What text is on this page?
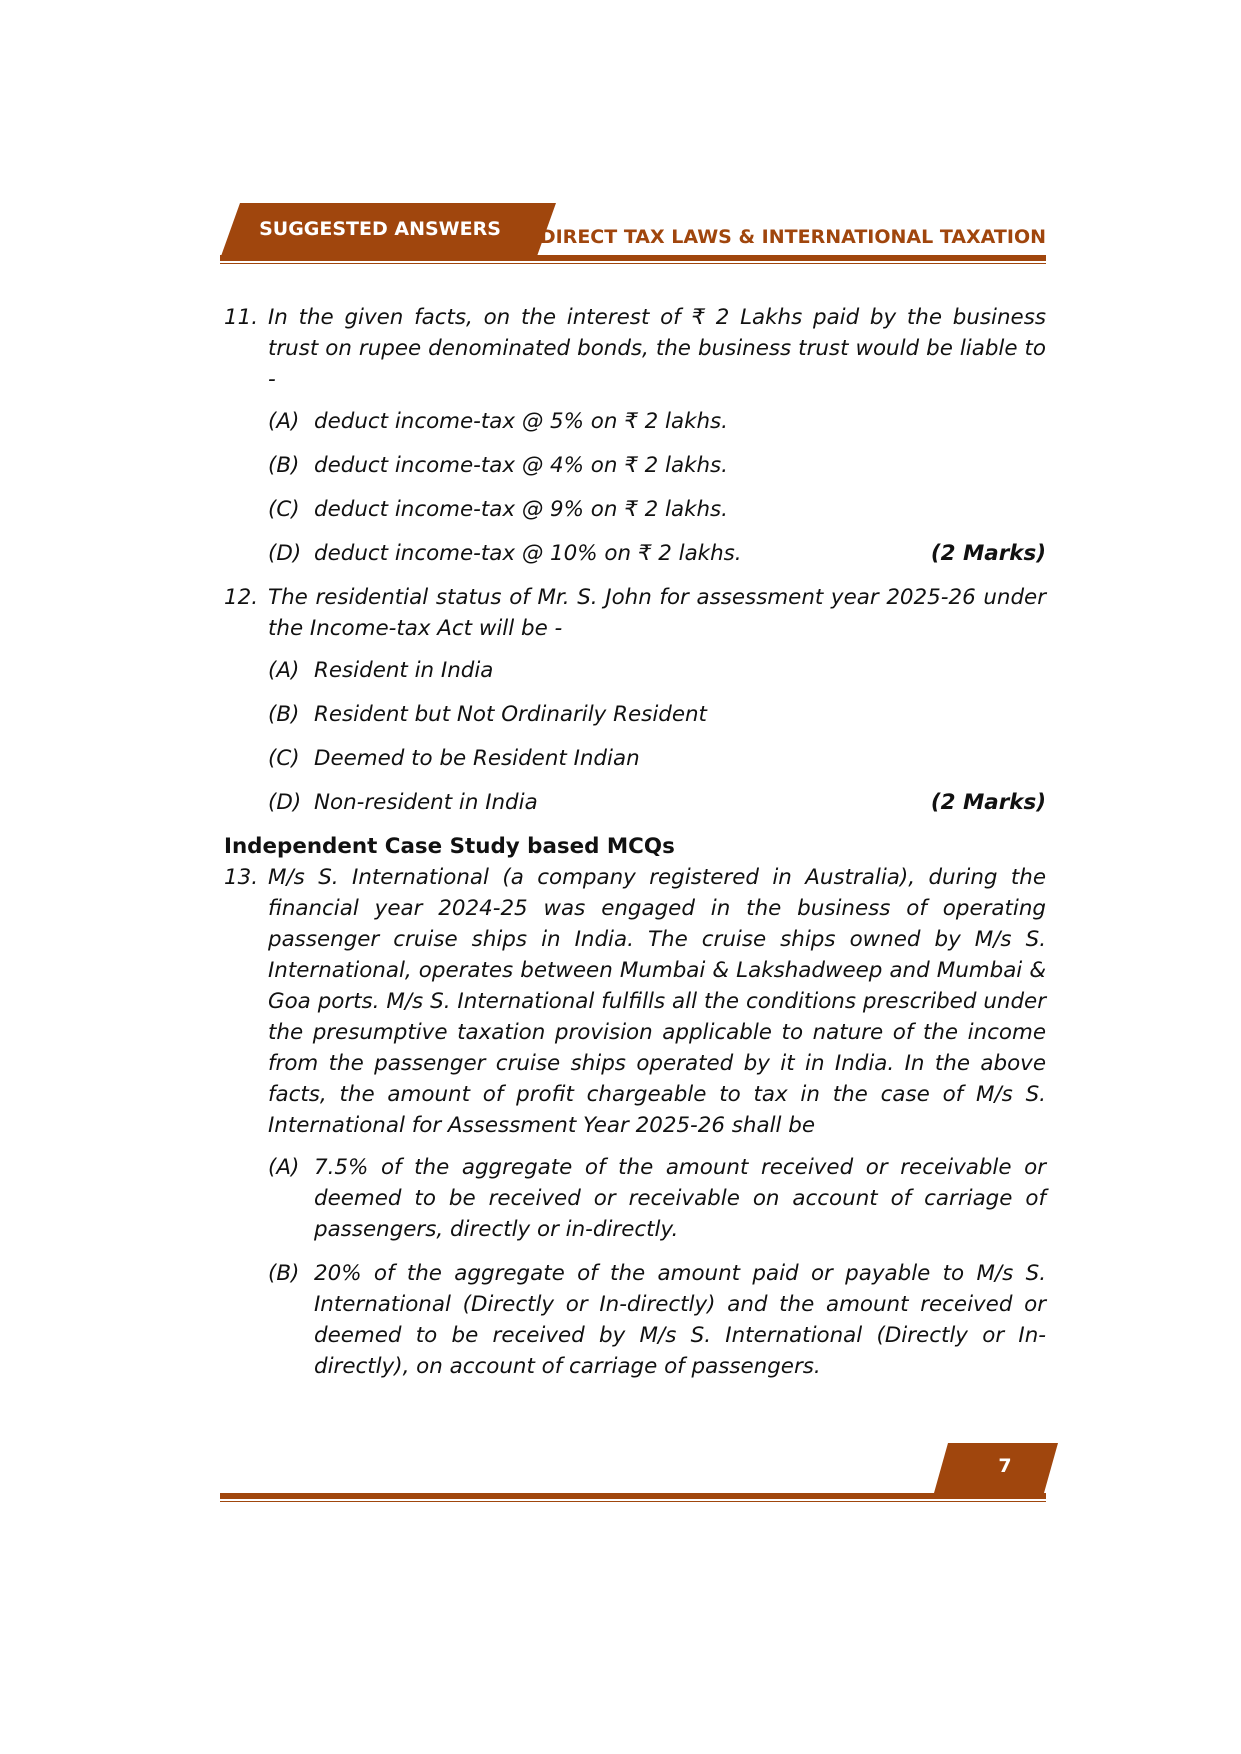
SUGGESTED ANSWERS	DIRECT TAX LAWS & INTERNATIONAL TAXATION

11. In the given facts, on the interest of ₹ 2 Lakhs paid by the business trust on rupee denominated bonds, the business trust would be liable to -

(A) deduct income-tax @ 5% on ₹ 2 lakhs.

(B) deduct income-tax @ 4% on ₹ 2 lakhs.

(C) deduct income-tax @ 9% on ₹ 2 lakhs.

(D) deduct income-tax @ 10% on ₹ 2 lakhs.	(2 Marks)

12. The residential status of Mr. S. John for assessment year 2025-26 under the Income-tax Act will be -

(A) Resident in India

(B) Resident but Not Ordinarily Resident

(C) Deemed to be Resident Indian

(D) Non-resident in India	(2 Marks)

Independent Case Study based MCQs

13. M/s S. International (a company registered in Australia), during the financial year 2024-25 was engaged in the business of operating passenger cruise ships in India. The cruise ships owned by M/s S. International, operates between Mumbai & Lakshadweep and Mumbai & Goa ports. M/s S. International fulfills all the conditions prescribed under the presumptive taxation provision applicable to nature of the income from the passenger cruise ships operated by it in India. In the above facts, the amount of profit chargeable to tax in the case of M/s S. International for Assessment Year 2025-26 shall be

(A) 7.5% of the aggregate of the amount received or receivable or deemed to be received or receivable on account of carriage of passengers, directly or in-directly.

(B) 20% of the aggregate of the amount paid or payable to M/s S. International (Directly or In-directly) and the amount received or deemed to be received by M/s S. International (Directly or In-directly), on account of carriage of passengers.

7
